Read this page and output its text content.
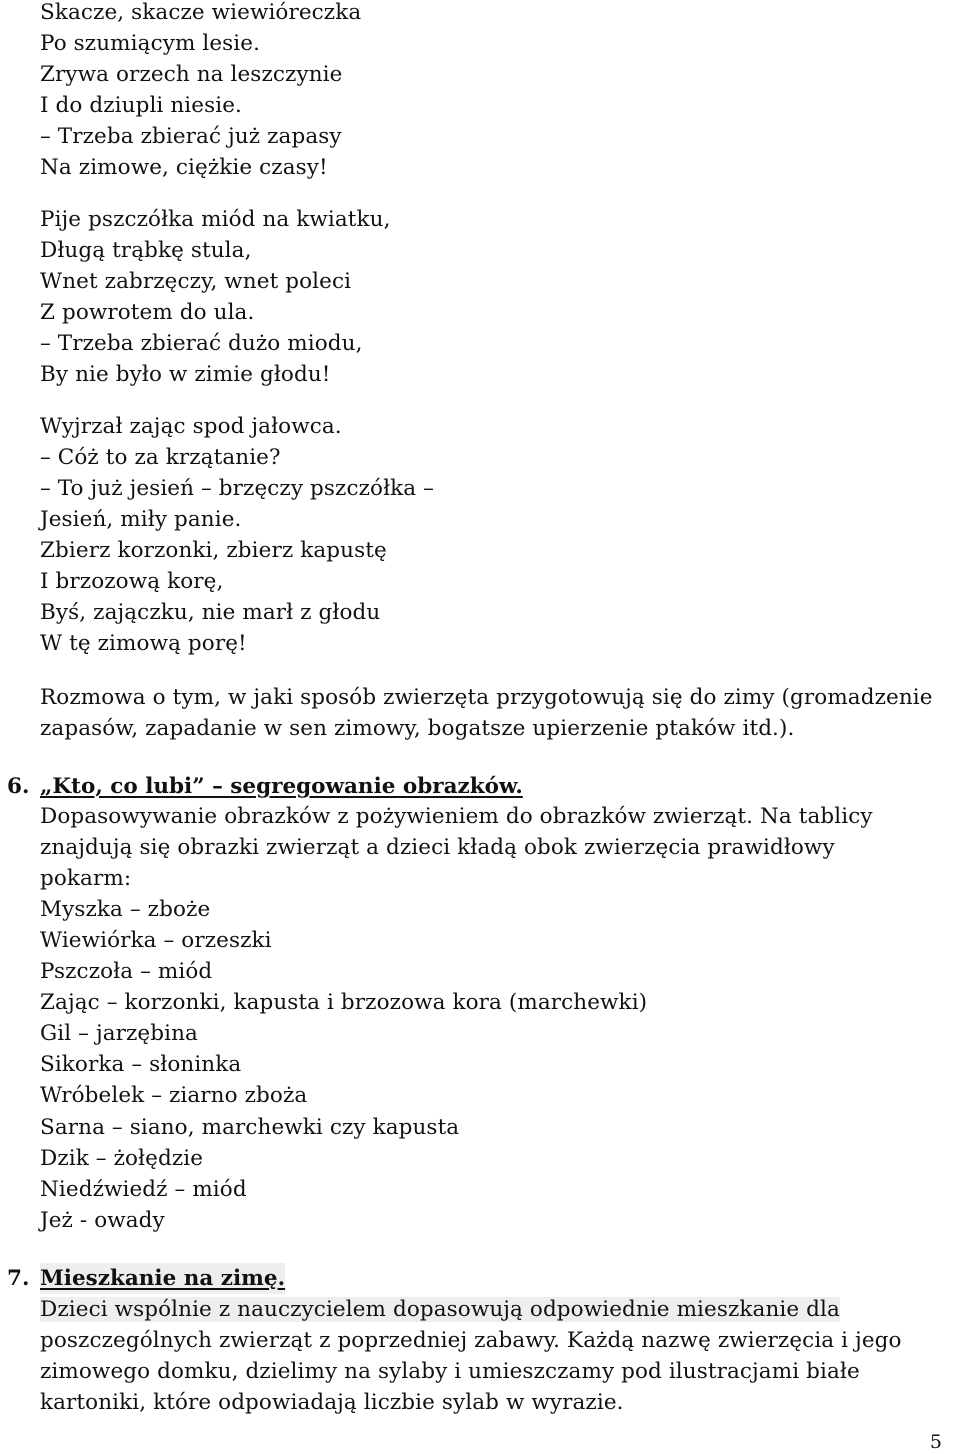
Skacze, skacze wiewióreczka
Po szumiącym lesie.
Zrywa orzech na leszczynie
I do dziupli niesie.
– Trzeba zbierać już zapasy
Na zimowe, ciężkie czasy!
Pije pszczółka miód na kwiatku,
Długą trąbkę stula,
Wnet zabrzęczy, wnet poleci
Z powrotem do ula.
– Trzeba zbierać dużo miodu,
By nie było w zimie głodu!
Wyjrzał zając spod jałowca.
– Cóż to za krzątanie?
– To już jesień – brzęczy pszczółka –
Jesień, miły panie.
Zbierz korzonki, zbierz kapustę
I brzozową korę,
Byś, zajączku, nie marł z głodu
W tę zimową porę!
Rozmowa o tym, w jaki sposób zwierzęta przygotowują się do zimy (gromadzenie
zapasów, zapadanie w sen zimowy, bogatsze upierzenie ptaków itd.).
6. „Kto, co lubi” – segregowanie obrazków.
Dopasowywanie obrazków z pożywieniem do obrazków zwierząt. Na tablicy
znajdują się obrazki zwierząt a dzieci kładą obok zwierzęcia prawidłowy
pokarm:
Myszka – zboże
Wiewiórka – orzeszki
Pszczoła – miód
Zając – korzonki, kapusta i brzozowa kora (marchewki)
Gil – jarzębina
Sikorka – słoninka
Wróbelek – ziarno zboża
Sarna – siano, marchewki czy kapusta
Dzik – żołędzie
Niedźwiedź – miód
Jeż - owady
7. Mieszkanie na zimę.
Dzieci wspólnie z nauczycielem dopasowują odpowiednie mieszkanie dla
poszczególnych zwierząt z poprzedniej zabawy. Każdą nazwę zwierzęcia i jego
zimowego domku, dzielimy na sylaby i umieszczamy pod ilustracjami białe
kartoniki, które odpowiadają liczbie sylab w wyrazie.
5
